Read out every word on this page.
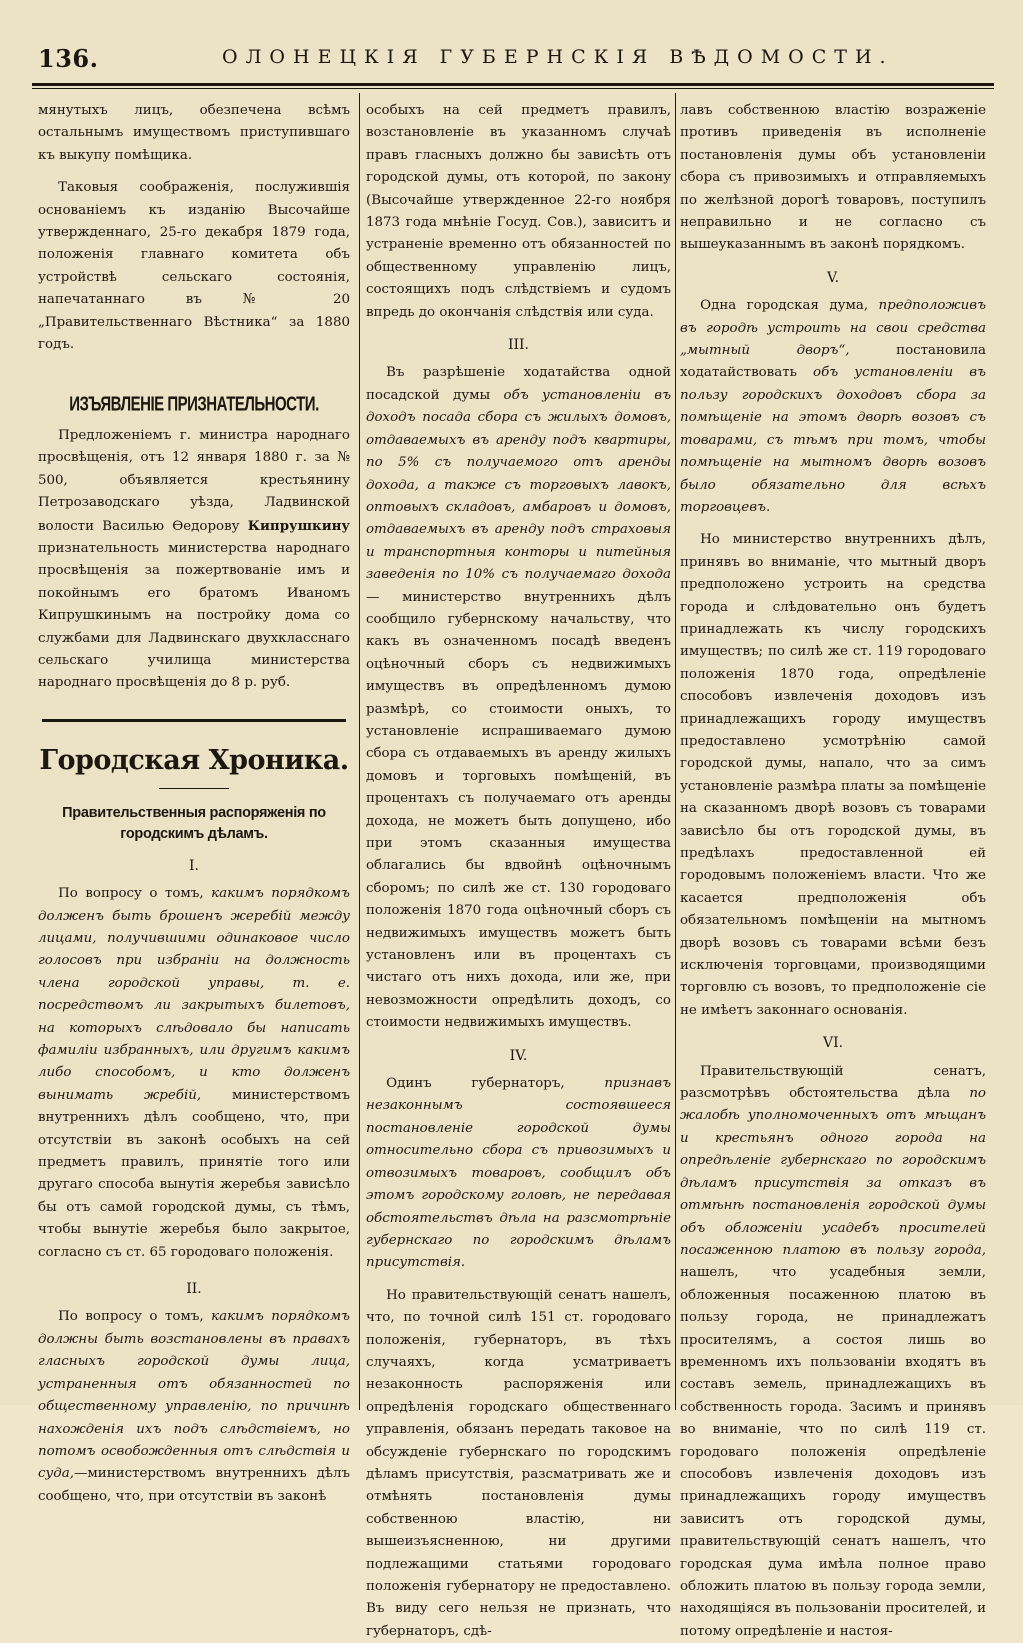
136.	ОЛОНЕЦКІЯ ГУБЕРНСКІЯ ВѢДОМОСТИ.

мянутыхъ лицъ, обезпечена всѣмъ остальнымъ имуществомъ приступившаго къ выкупу помѣщика.

Таковыя соображенія, послужившія основаніемъ къ изданію Высочайше утвержденнаго, 25-го декабря 1879 года, положенія главнаго комитета объ устройствѣ сельскаго состоянія, напечатаннаго въ № 20 „Правительственнаго Вѣстника“ за 1880 годъ.

ИЗЪЯВЛЕНІЕ ПРИЗНАТЕЛЬНОСТИ.

Предложеніемъ г. министра народнаго просвѣщенія, отъ 12 января 1880 г. за № 500, объявляется крестьянину Петрозаводскаго уѣзда, Ладвинской волости Василью Ѳедорову Кипрушкину признательность министерства народнаго просвѣщенія за пожертвованіе имъ и покойнымъ его братомъ Иваномъ Кипрушкинымъ на постройку дома со службами для Ладвинскаго двухкласснаго сельскаго училища министерства народнаго просвѣщенія до 8 р. руб.

Городская Хроника.
Правительственныя распоряженія по городскимъ дѣламъ.

I.

По вопросу о томъ, какимъ порядкомъ долженъ быть брошенъ жеребій между лицами, получившими одинаковое число голосовъ при избраніи на должность члена городской управы, т. е. посредствомъ ли закрытыхъ билетовъ, на которыхъ слѣдовало бы написать фамиліи избранныхъ, или другимъ какимъ либо способомъ, и кто долженъ вынимать жребій, министерствомъ внутреннихъ дѣлъ сообщено, что, при отсутствіи въ законѣ особыхъ на сей предметъ правилъ, принятіе того или другаго способа вынутія жеребья зависѣло бы отъ самой городской думы, съ тѣмъ, чтобы вынутіе жеребья было закрытое, согласно съ ст. 65 городоваго положенія.

II.

По вопросу о томъ, какимъ порядкомъ должны быть возстановлены въ правахъ гласныхъ городской думы лица, устраненныя отъ обязанностей по общественному управленію, по причинѣ нахожденія ихъ подъ слѣдствіемъ, но потомъ освобожденныя отъ слѣдствія и суда,—министерствомъ внутреннихъ дѣлъ сообщено, что, при отсутствіи въ законѣ

особыхъ на сей предметъ правилъ, возстановленіе въ указанномъ случаѣ правъ гласныхъ должно бы зависѣть отъ городской думы, отъ которой, по закону (Высочайше утвержденное 22-го ноября 1873 года мнѣніе Госуд. Сов.), зависитъ и устраненіе временно отъ обязанностей по общественному управленію лицъ, состоящихъ подъ слѣдствіемъ и судомъ впредь до окончанія слѣдствія или суда.

III.

Въ разрѣшеніе ходатайства одной посадской думы объ установленіи въ доходъ посада сбора съ жилыхъ домовъ, отдаваемыхъ въ аренду подъ квартиры, по 5% съ получаемого отъ аренды дохода, а также съ торговыхъ лавокъ, оптовыхъ складовъ, амбаровъ и домовъ, отдаваемыхъ въ аренду подъ страховыя и транспортныя конторы и питейныя заведенія по 10% съ получаемаго дохода — министерство внутреннихъ дѣлъ сообщило губернскому начальству, что какъ въ означенномъ посадѣ введенъ оцѣночный сборъ съ недвижимыхъ имуществъ въ опредѣленномъ думою размѣрѣ, со стоимости оныхъ, то установленіе испрашиваемаго думою сбора съ отдаваемыхъ въ аренду жилыхъ домовъ и торговыхъ помѣщеній, въ процентахъ съ получаемаго отъ аренды дохода, не можетъ быть допущено, ибо при этомъ сказанныя имущества облагались бы вдвойнѣ оцѣночнымъ сборомъ; по силѣ же ст. 130 городоваго положенія 1870 года оцѣночный сборъ съ недвижимыхъ имуществъ можетъ быть установленъ или въ процентахъ съ чистаго отъ нихъ дохода, или же, при невозможности опредѣлить доходъ, со стоимости недвижимыхъ имуществъ.

IV.

Одинъ губернаторъ,	признавъ незаконнымъ состоявшееся постановленіе городской думы относительно сбора съ привозимыхъ и отвозимыхъ товаровъ, сообщилъ объ этомъ городскому головѣ, не передавая обстоятельствъ дѣла на разсмотрѣніе губернскаго по городскимъ дѣламъ присутствія.

Но правительствующій сенатъ нашелъ, что, по точной силѣ 151 ст. городоваго положенія, губернаторъ, въ тѣхъ случаяхъ, когда усматриваетъ незаконность распоряженія или опредѣленія городскаго общественнаго управленія, обязанъ передать таковое на обсужденіе губернскаго по городскимъ дѣламъ присутствія, разсматривать же и отмѣнять постановленія думы собственною властію, ни вышеизъясненною, ни другими подлежащими статьями городоваго положенія губернатору не предоставлено. Въ виду сего нельзя не признать, что губернаторъ, сдѣ-

лавъ собственною властію возраженіе противъ приведенія въ исполненіе постановленія думы объ установленіи сбора съ привозимыхъ и отправляемыхъ по желѣзной дорогѣ товаровъ, поступилъ неправильно и не согласно съ вышеуказаннымъ въ законѣ порядкомъ.

V.

Одна городская дума, предположивъ въ городѣ устроить на свои средства „мытный дворъ“,	постановила ходатайствовать объ установленіи въ пользу городскихъ доходовъ сбора за помѣщеніе на этомъ дворѣ возовъ съ товарами, съ тѣмъ при томъ, чтобы помѣщеніе на мытномъ дворѣ возовъ было обязательно для всѣхъ торговцевъ.

Но министерство внутреннихъ дѣлъ, принявъ во вниманіе, что мытный дворъ предположено устроить на средства города и слѣдовательно онъ будетъ принадлежать къ числу городскихъ имуществъ; по силѣ же ст. 119 городоваго положенія 1870 года, опредѣленіе способовъ извлеченія доходовъ изъ принадлежащихъ городу имуществъ предоставлено усмотрѣнію самой городской думы, напало, что за симъ установленіе размѣра платы за помѣщеніе на сказанномъ дворѣ возовъ съ товарами зависѣло бы отъ городской думы, въ предѣлахъ предоставленной ей городовымъ положеніемъ власти. Что же касается предположенія объ обязательномъ помѣщеніи на мытномъ дворѣ возовъ съ товарами всѣми безъ исключенія торговцами, производящими торговлю съ возовъ, то предположеніе сіе не имѣетъ законнаго основанія.

VI.

Правительствующій сенатъ, разсмотрѣвъ обстоятельства дѣла по жалобѣ уполномоченныхъ отъ мѣщанъ и крестьянъ одного города на опредѣленіе губернскаго по городскимъ дѣламъ присутствія за отказъ въ отмѣнѣ постановленія городской думы объ обложеніи усадебъ просителей посаженною платою въ пользу города, нашелъ, что усадебныя земли, обложенныя посаженною платою въ пользу города, не принадлежатъ просителямъ, а состоя лишь во временномъ ихъ пользованіи входятъ въ составъ земель, принадлежащихъ въ собственность города. Засимъ и принявъ во вниманіе, что по силѣ 119 ст. городоваго положенія опредѣленіе способовъ извлеченія доходовъ изъ принадлежащихъ городу имуществъ зависитъ отъ городской думы, правительствующій сенатъ нашелъ, что городская дума имѣла полное право обложить платою въ пользу города земли, находящіяся въ пользованіи просителей, и потому опредѣленіе и настоя-
